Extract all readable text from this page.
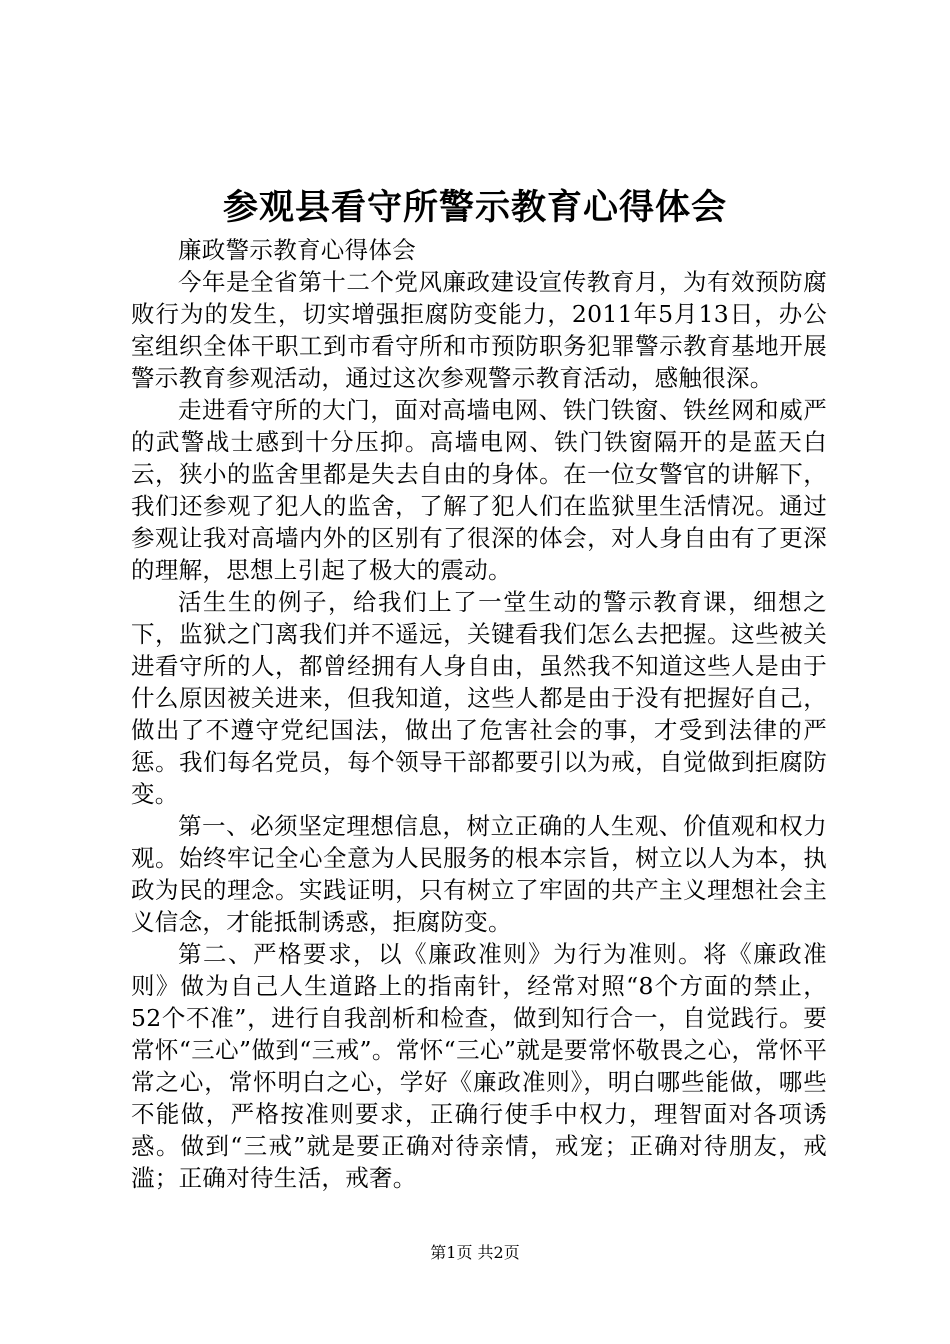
参观县看守所警示教育心得体会

廉政警示教育心得体会

今年是全省第十二个党风廉政建设宣传教育月，为有效预防腐败行为的发生，切实增强拒腐防变能力，2011年5月13日，办公室组织全体干职工到市看守所和市预防职务犯罪警示教育基地开展警示教育参观活动，通过这次参观警示教育活动，感触很深。

走进看守所的大门，面对高墙电网、铁门铁窗、铁丝网和威严的武警战士感到十分压抑。高墙电网、铁门铁窗隔开的是蓝天白云，狭小的监舍里都是失去自由的身体。在一位女警官的讲解下，我们还参观了犯人的监舍，了解了犯人们在监狱里生活情况。通过参观让我对高墙内外的区别有了很深的体会，对人身自由有了更深的理解，思想上引起了极大的震动。

活生生的例子，给我们上了一堂生动的警示教育课，细想之下，监狱之门离我们并不遥远，关键看我们怎么去把握。这些被关进看守所的人，都曾经拥有人身自由，虽然我不知道这些人是由于什么原因被关进来，但我知道，这些人都是由于没有把握好自己，做出了不遵守党纪国法，做出了危害社会的事，才受到法律的严惩。我们每名党员，每个领导干部都要引以为戒，自觉做到拒腐防变。

第一、必须坚定理想信息，树立正确的人生观、价值观和权力观。始终牢记全心全意为人民服务的根本宗旨，树立以人为本，执政为民的理念。实践证明，只有树立了牢固的共产主义理想社会主义信念，才能抵制诱惑，拒腐防变。

第二、严格要求，以《廉政准则》为行为准则。将《廉政准则》做为自己人生道路上的指南针，经常对照“8个方面的禁止，52个不准”，进行自我剖析和检查，做到知行合一，自觉践行。要常怀“三心”做到“三戒”。常怀“三心”就是要常怀敬畏之心，常怀平常之心，常怀明白之心，学好《廉政准则》，明白哪些能做，哪些不能做，严格按准则要求，正确行使手中权力，理智面对各项诱惑。做到“三戒”就是要正确对待亲情，戒宠；正确对待朋友，戒滥；正确对待生活，戒奢。

第1页 共2页
